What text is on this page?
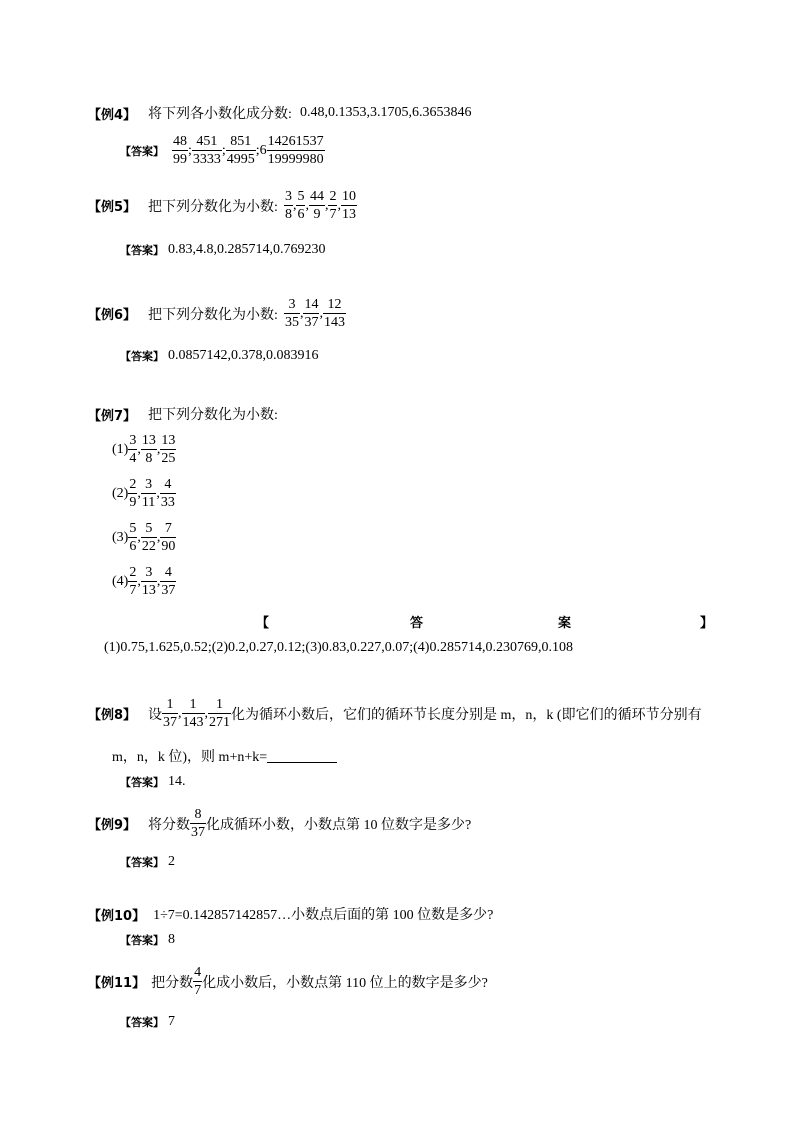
【例4】 将下列各小数化成分数: 0.48,0.1353,3.1705,6.3653846
【答案】 $\frac{48}{99}$ ; $\frac{451}{3333}$ ; $\frac{851}{4995}$ ; $6 \frac{14261537}{19999980}$
【例5】 把下列分数化为小数: $\frac{3}{8}$ , $\frac{5}{6}$ , $\frac{44}{9}$ , $\frac{2}{7}$ , $\frac{10}{13}$
【答案】 0.83,4.8,0.285714,0.769230
【例6】 把下列分数化为小数: $\frac{3}{35}$ , $\frac{14}{37}$ , $\frac{12}{143}$
【答案】 0.0857142,0.378,0.083916
【例7】 把下列分数化为小数:
$(1) \frac{3}{4}$ , $\frac{13}{8}$ , $\frac{13}{25}$
$(2) \frac{2}{9}$ , $\frac{3}{11}$ , $\frac{4}{33}$
$(3) \frac{5}{6}$ , $\frac{5}{22}$ , $\frac{7}{90}$
$(4) \frac{2}{7}$ , $\frac{3}{13}$ , $\frac{4}{37}$
【	答	案	】
(1)0.75,1.625,0.52;(2)0.2,0.27,0.12;(3)0.83,0.227,0.07;(4)0.285714,0.230769,0.108
【例8】 设 $\frac{1}{37}$ , $\frac{1}{143}$ , $\frac{1}{271}$ 化为循环小数后，它们的循环节长度分别是 m，n，k (即它们的循环节分别有
m，n，k 位)，则 m+n+k=
【答案】 14.
【例9】 将分数 $\frac{8}{37}$ 化成循环小数，小数点第 10 位数字是多少?
【答案】 2
【例10】 1÷7=0.142857142857…小数点后面的第 100 位数是多少?
【答案】 8
【例11】 把分数 $\frac{4}{7}$ 化成小数后，小数点第 110 位上的数字是多少?
【答案】 7
